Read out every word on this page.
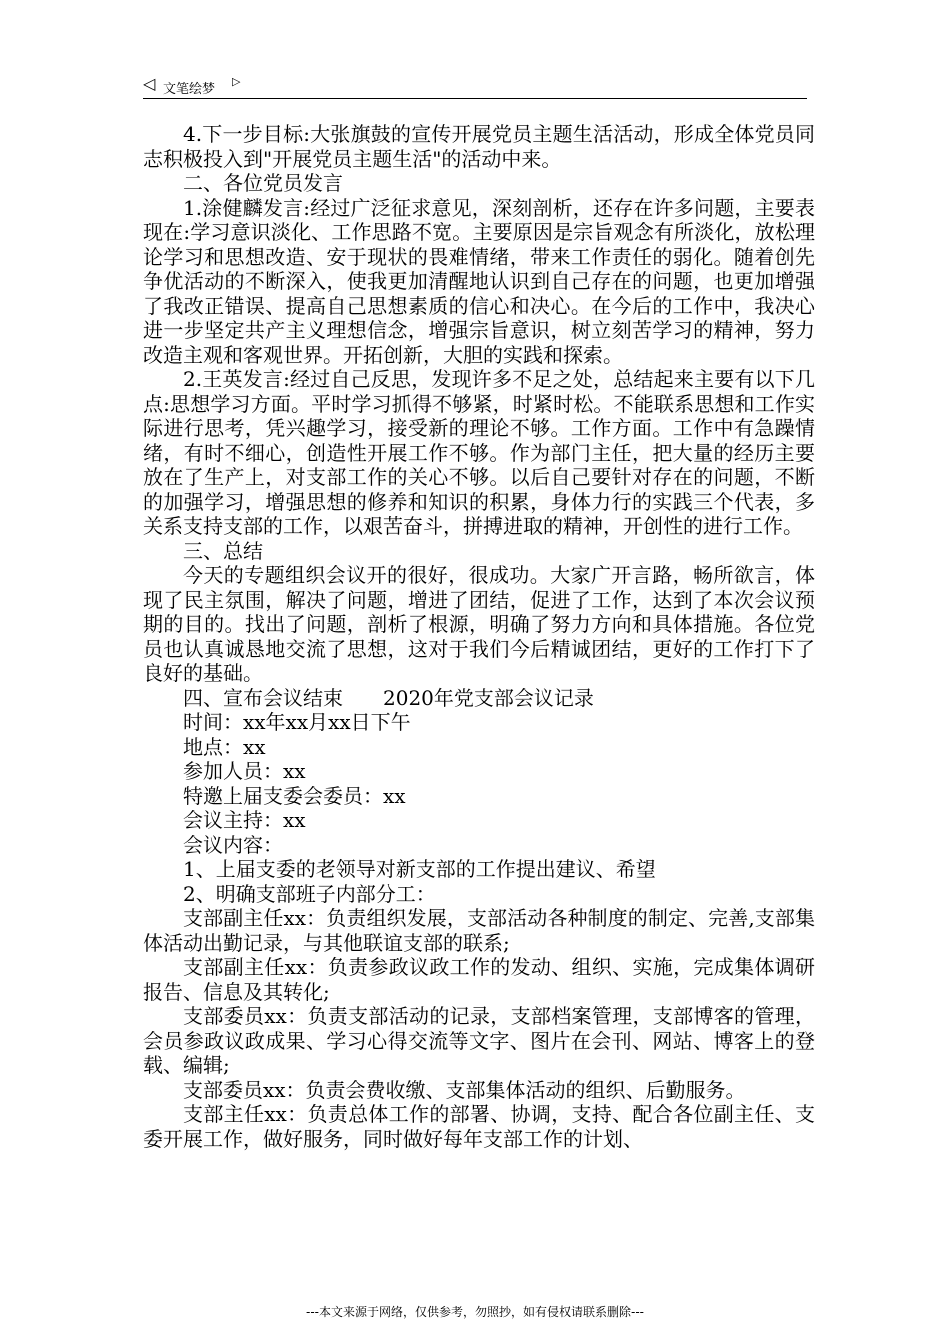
◁ 文笔绘梦
▷

4.下一步目标:大张旗鼓的宣传开展党员主题生活活动，形成全体党员同志积极投入到"开展党员主题生活"的活动中来。

二、各位党员发言

1.涂健麟发言:经过广泛征求意见，深刻剖析，还存在许多问题，主要表现在:学习意识淡化、工作思路不宽。主要原因是宗旨观念有所淡化，放松理论学习和思想改造、安于现状的畏难情绪，带来工作责任的弱化。随着创先争优活动的不断深入，使我更加清醒地认识到自己存在的问题，也更加增强了我改正错误、提高自己思想素质的信心和决心。在今后的工作中，我决心进一步坚定共产主义理想信念，增强宗旨意识，树立刻苦学习的精神，努力改造主观和客观世界。开拓创新，大胆的实践和探索。

2.王英发言:经过自己反思，发现许多不足之处，总结起来主要有以下几点:思想学习方面。平时学习抓得不够紧，时紧时松。不能联系思想和工作实际进行思考，凭兴趣学习，接受新的理论不够。工作方面。工作中有急躁情绪，有时不细心，创造性开展工作不够。作为部门主任，把大量的经历主要放在了生产上，对支部工作的关心不够。以后自己要针对存在的问题，不断的加强学习，增强思想的修养和知识的积累，身体力行的实践三个代表，多关系支持支部的工作，以艰苦奋斗，拼搏进取的精神，开创性的进行工作。

三、总结

今天的专题组织会议开的很好，很成功。大家广开言路，畅所欲言，体现了民主氛围，解决了问题，增进了团结，促进了工作，达到了本次会议预期的目的。找出了问题，剖析了根源，明确了努力方向和具体措施。各位党员也认真诚恳地交流了思想，这对于我们今后精诚团结，更好的工作打下了良好的基础。

四、宣布会议结束　　2020年党支部会议记录

时间：xx年xx月xx日下午

地点：xx

参加人员：xx

特邀上届支委会委员：xx

会议主持：xx

会议内容：

1、上届支委的老领导对新支部的工作提出建议、希望

2、明确支部班子内部分工：

支部副主任xx：负责组织发展，支部活动各种制度的制定、完善,支部集体活动出勤记录，与其他联谊支部的联系;

支部副主任xx：负责参政议政工作的发动、组织、实施，完成集体调研报告、信息及其转化;

支部委员xx：负责支部活动的记录，支部档案管理，支部博客的管理，会员参政议政成果、学习心得交流等文字、图片在会刊、网站、博客上的登载、编辑;

支部委员xx：负责会费收缴、支部集体活动的组织、后勤服务。

支部主任xx：负责总体工作的部署、协调，支持、配合各位副主任、支委开展工作，做好服务，同时做好每年支部工作的计划、

---本文来源于网络，仅供参考，勿照抄，如有侵权请联系删除---
